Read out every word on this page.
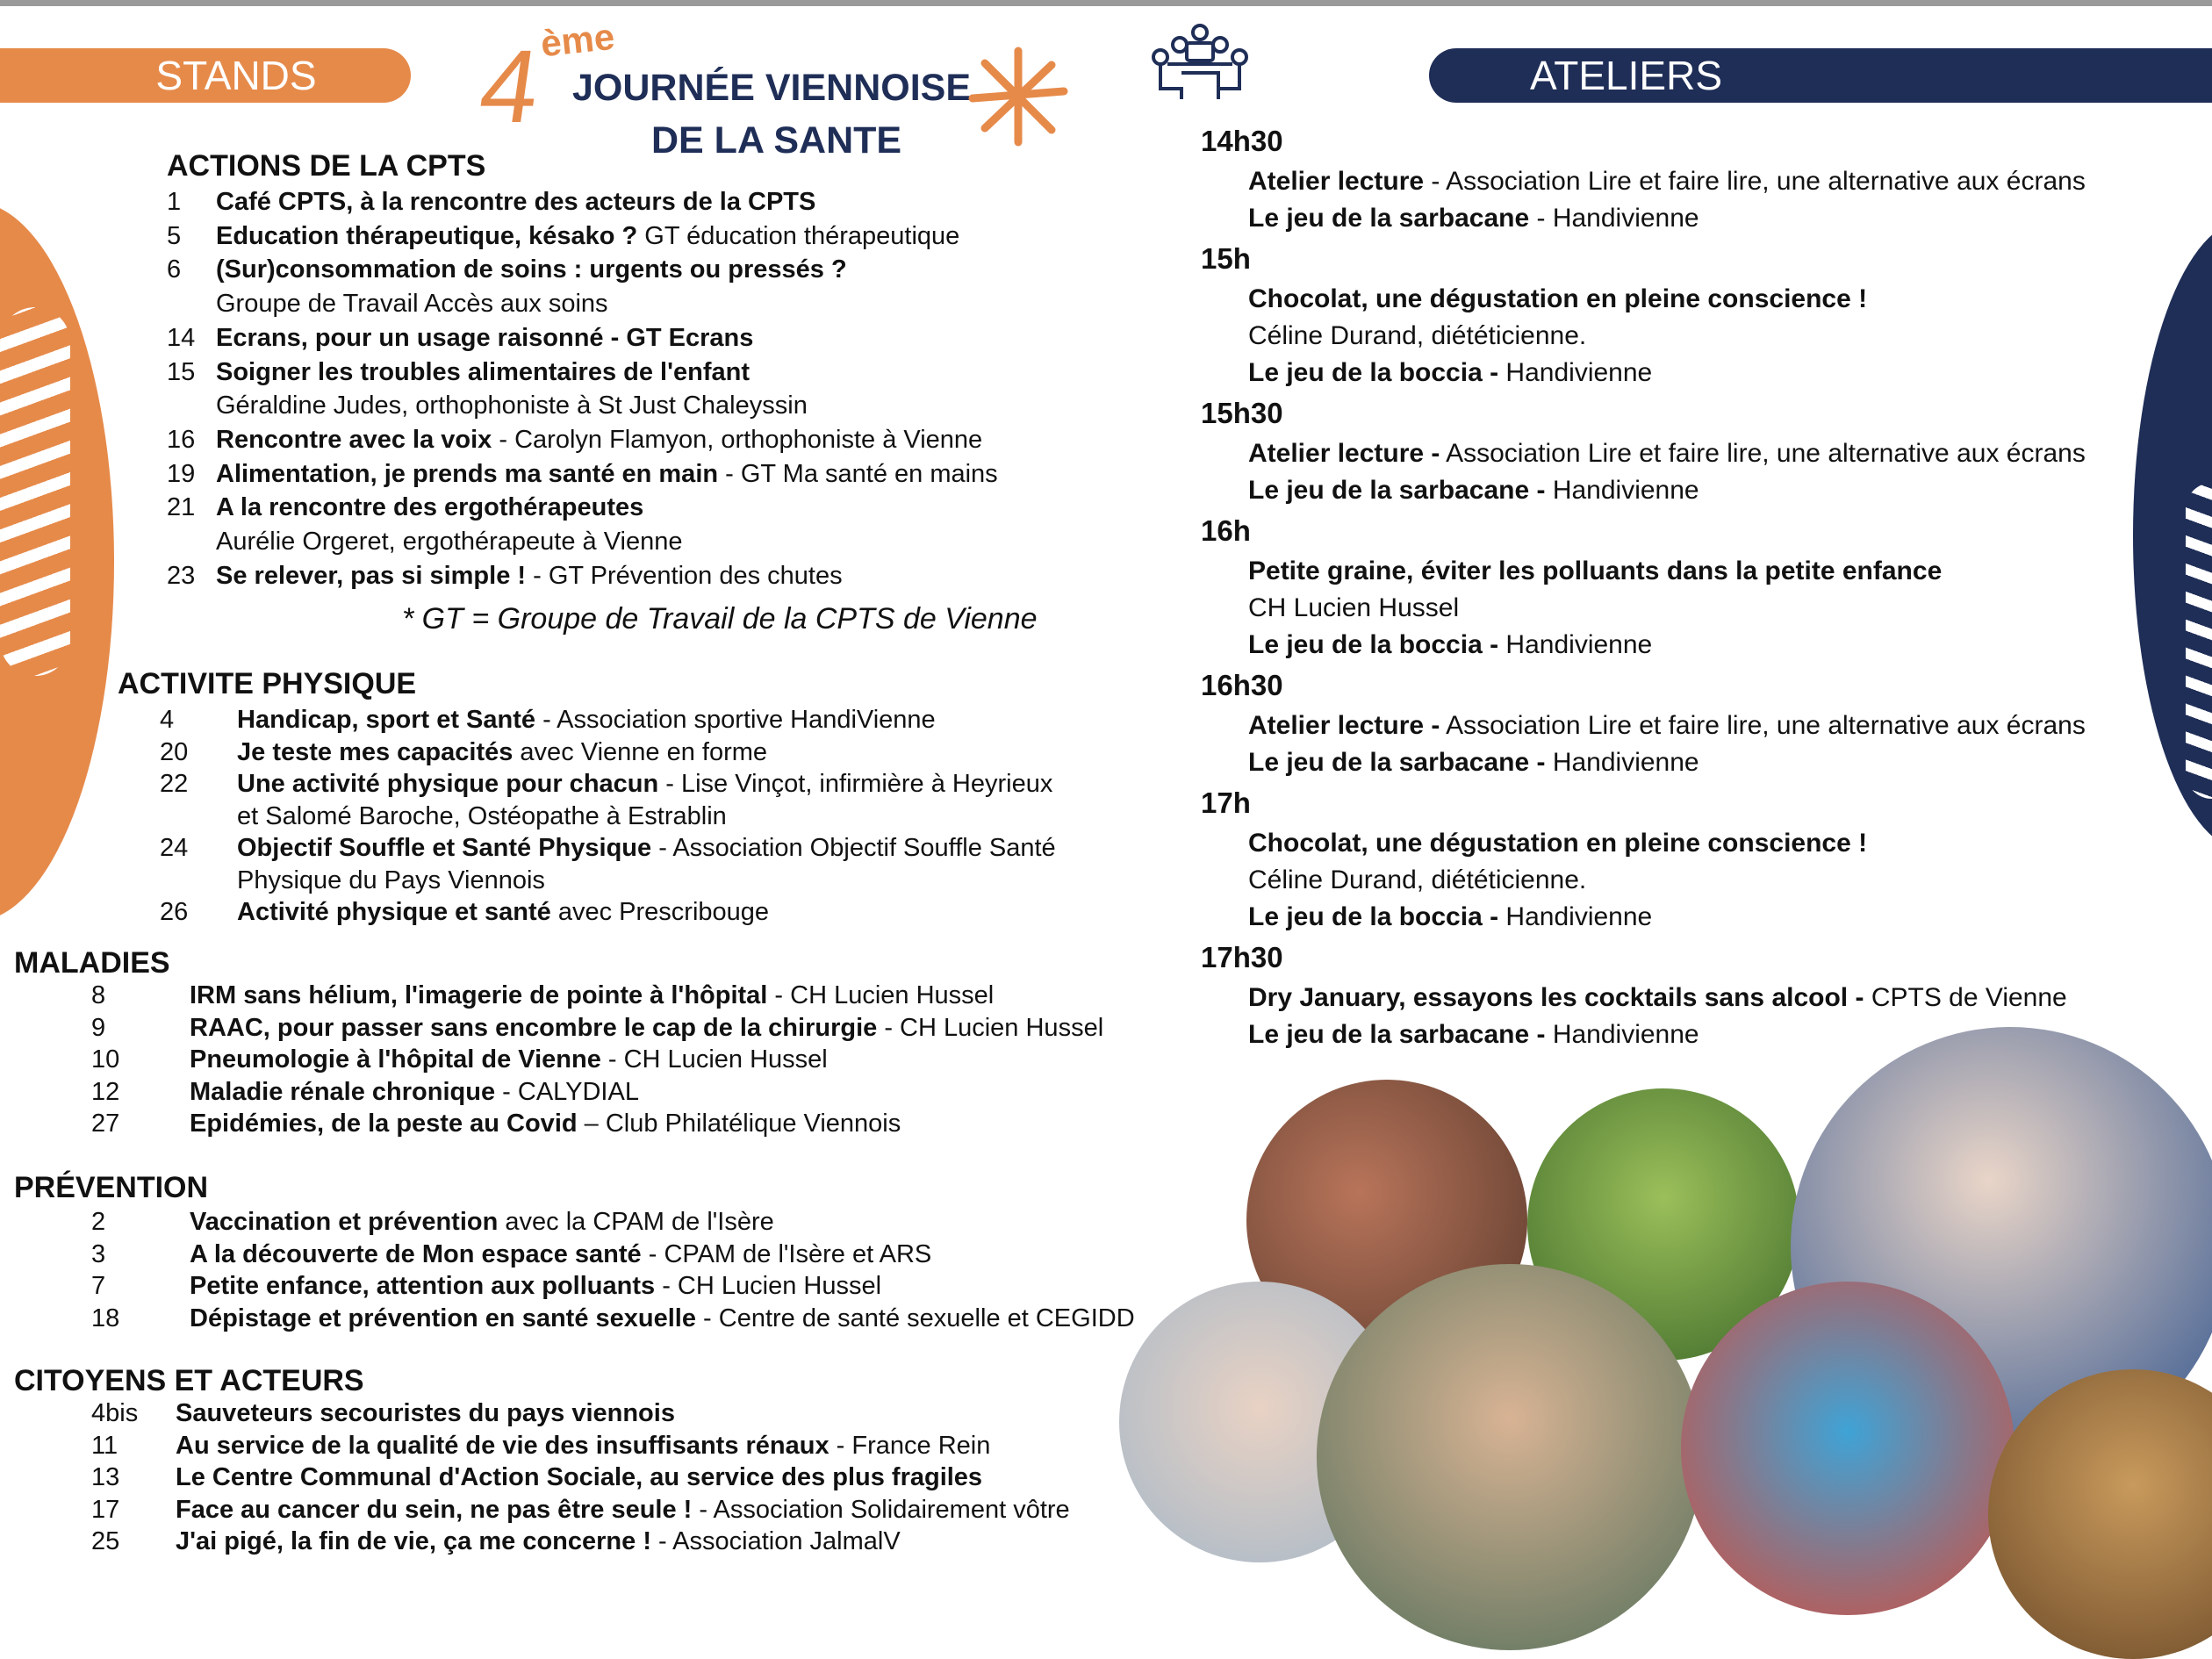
STANDS	ATELIERS
4
ème
JOURNÉE VIENNOISE
DE LA SANTE
ACTIONS DE LA CPTS
1 Café CPTS, à la rencontre des acteurs de la CPTS
5 Education thérapeutique, késako ? GT éducation thérapeutique
6 (Sur)consommation de soins : urgents ou pressés ?
Groupe de Travail Accès aux soins
14 Ecrans, pour un usage raisonné - GT Ecrans
15 Soigner les troubles alimentaires de l'enfant
Géraldine Judes, orthophoniste à St Just Chaleyssin
16 Rencontre avec la voix - Carolyn Flamyon, orthophoniste à Vienne
19 Alimentation, je prends ma santé en main - GT Ma santé en mains
21 A la rencontre des ergothérapeutes
Aurélie Orgeret, ergothérapeute à Vienne
23 Se relever, pas si simple ! - GT Prévention des chutes
* GT = Groupe de Travail de la CPTS de Vienne
ACTIVITE PHYSIQUE
4 Handicap, sport et Santé - Association sportive HandiVienne
20 Je teste mes capacités avec Vienne en forme
22 Une activité physique pour chacun - Lise Vinçot, infirmière à Heyrieux
et Salomé Baroche, Ostéopathe à Estrablin
24 Objectif Souffle et Santé Physique - Association Objectif Souffle Santé
Physique du Pays Viennois
26 Activité physique et santé avec Prescribouge
MALADIES
8	IRM sans hélium, l'imagerie de pointe à l'hôpital - CH Lucien Hussel
9	RAAC, pour passer sans encombre le cap de la chirurgie - CH Lucien Hussel
10	Pneumologie à l'hôpital de Vienne - CH Lucien Hussel
12	Maladie rénale chronique - CALYDIAL
27	Epidémies, de la peste au Covid – Club Philatélique Viennois
PRÉVENTION
2	Vaccination et prévention avec la CPAM de l'Isère
3	A la découverte de Mon espace santé - CPAM de l'Isère et ARS
7	Petite enfance, attention aux polluants - CH Lucien Hussel
18	Dépistage et prévention en santé sexuelle - Centre de santé sexuelle et CEGIDD
CITOYENS ET ACTEURS
4bis Sauveteurs secouristes du pays viennois
11 Au service de la qualité de vie des insuffisants rénaux - France Rein
13 Le Centre Communal d'Action Sociale, au service des plus fragiles
17 Face au cancer du sein, ne pas être seule ! - Association Solidairement vôtre
25 J'ai pigé, la fin de vie, ça me concerne ! - Association JalmalV
14h30
Atelier lecture - Association Lire et faire lire, une alternative aux écrans
Le jeu de la sarbacane - Handivienne
15h
Chocolat, une dégustation en pleine conscience !
Céline Durand, diététicienne.
Le jeu de la boccia - Handivienne
15h30
Atelier lecture - Association Lire et faire lire, une alternative aux écrans
Le jeu de la sarbacane - Handivienne
16h
Petite graine, éviter les polluants dans la petite enfance
CH Lucien Hussel
Le jeu de la boccia - Handivienne
16h30
Atelier lecture - Association Lire et faire lire, une alternative aux écrans
Le jeu de la sarbacane - Handivienne
17h
Chocolat, une dégustation en pleine conscience !
Céline Durand, diététicienne.
Le jeu de la boccia - Handivienne
17h30
Dry January, essayons les cocktails sans alcool - CPTS de Vienne
Le jeu de la sarbacane - Handivienne
